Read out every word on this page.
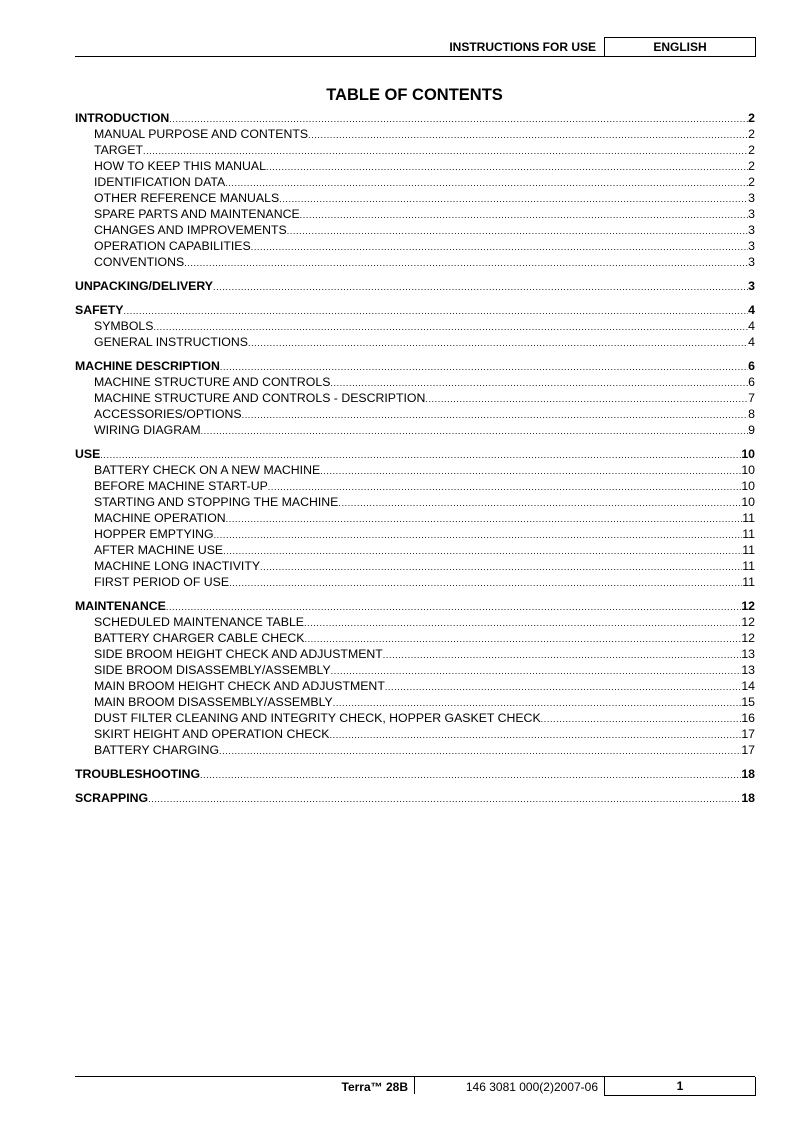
INSTRUCTIONS FOR USE	ENGLISH
TABLE OF CONTENTS
INTRODUCTION .....	2
MANUAL PURPOSE AND CONTENTS .....	2
TARGET .....	2
HOW TO KEEP THIS MANUAL .....	2
IDENTIFICATION DATA .....	2
OTHER REFERENCE MANUALS .....	3
SPARE PARTS AND MAINTENANCE .....	3
CHANGES AND IMPROVEMENTS .....	3
OPERATION CAPABILITIES .....	3
CONVENTIONS .....	3
UNPACKING/DELIVERY .....	3
SAFETY .....	4
SYMBOLS .....	4
GENERAL INSTRUCTIONS .....	4
MACHINE DESCRIPTION .....	6
MACHINE STRUCTURE AND CONTROLS .....	6
MACHINE STRUCTURE AND CONTROLS - DESCRIPTION .....	7
ACCESSORIES/OPTIONS .....	8
WIRING DIAGRAM .....	9
USE .....	10
BATTERY CHECK ON A NEW MACHINE .....	10
BEFORE MACHINE START-UP .....	10
STARTING AND STOPPING THE MACHINE .....	10
MACHINE OPERATION .....	11
HOPPER EMPTYING .....	11
AFTER MACHINE USE .....	11
MACHINE LONG INACTIVITY .....	11
FIRST PERIOD OF USE .....	11
MAINTENANCE .....	12
SCHEDULED MAINTENANCE TABLE .....	12
BATTERY CHARGER CABLE CHECK .....	12
SIDE BROOM HEIGHT CHECK AND ADJUSTMENT .....	13
SIDE BROOM DISASSEMBLY/ASSEMBLY .....	13
MAIN BROOM HEIGHT CHECK AND ADJUSTMENT .....	14
MAIN BROOM DISASSEMBLY/ASSEMBLY .....	15
DUST FILTER CLEANING AND INTEGRITY CHECK, HOPPER GASKET CHECK .....	16
SKIRT HEIGHT AND OPERATION CHECK .....	17
BATTERY CHARGING .....	17
TROUBLESHOOTING .....	18
SCRAPPING .....	18
Terra™ 28B	146 3081 000(2)2007-06	1
